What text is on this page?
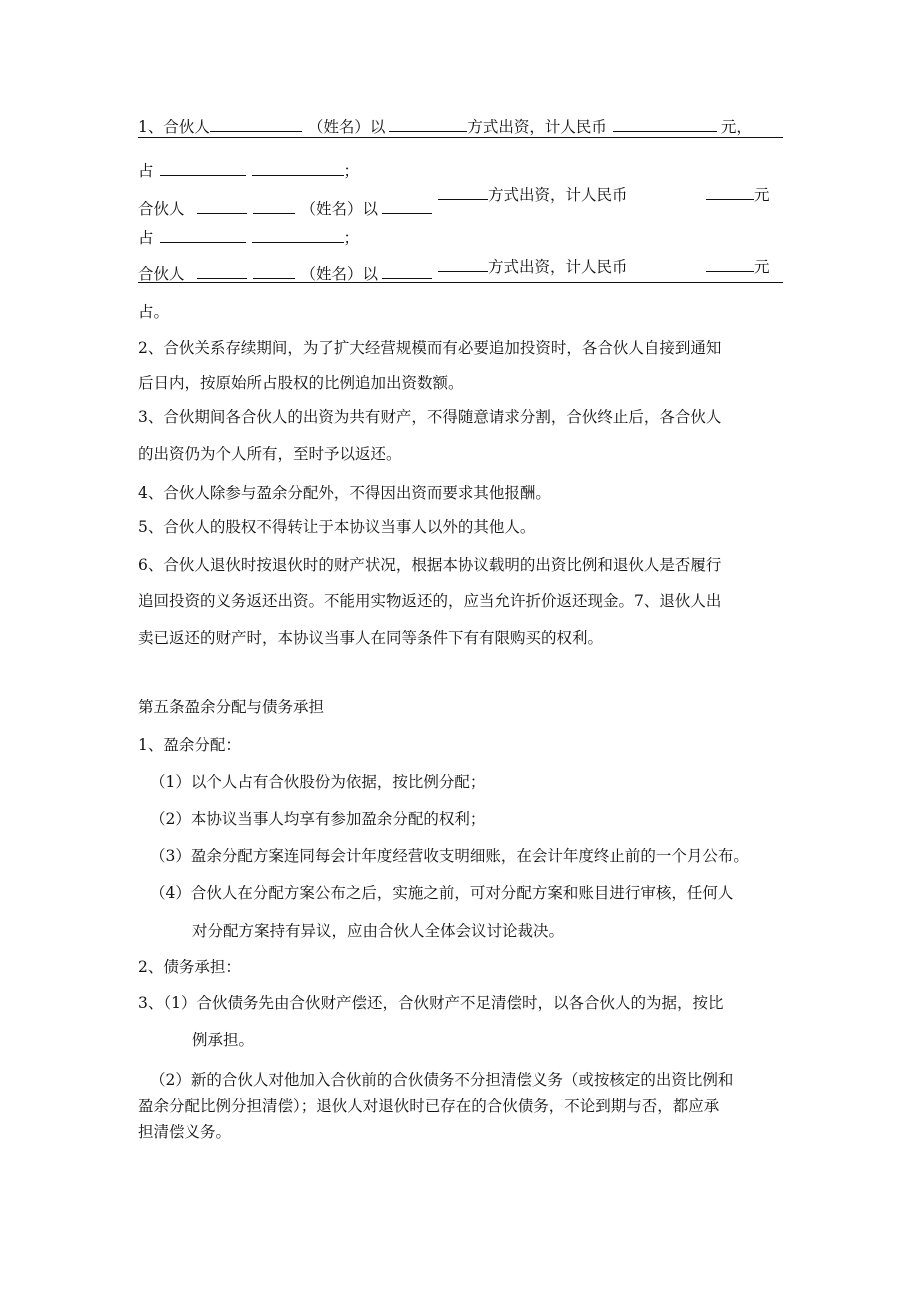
1、合伙人	（姓名）以	方式出资，计人民币	元，
占	；
合伙人	（姓名）以
方式出资，计人民币	元
占	；
合伙人	（姓名）以	方式出资，计人民币	元
占。
2、合伙关系存续期间，为了扩大经营规模而有必要追加投资时，各合伙人自接到通知
后日内，按原始所占股权的比例追加出资数额。
3、合伙期间各合伙人的出资为共有财产，不得随意请求分割，合伙终止后，各合伙人
的出资仍为个人所有，至时予以返还。
4、合伙人除参与盈余分配外，不得因出资而要求其他报酬。
5、合伙人的股权不得转让于本协议当事人以外的其他人。
6、合伙人退伙时按退伙时的财产状况，根据本协议载明的出资比例和退伙人是否履行
追回投资的义务返还出资。不能用实物返还的，应当允许折价返还现金。7、退伙人出
卖已返还的财产时，本协议当事人在同等条件下有有限购买的权利。
第五条盈余分配与债务承担
1、盈余分配：
（1）以个人占有合伙股份为依据，按比例分配；
（2）本协议当事人均享有参加盈余分配的权利；
（3）盈余分配方案连同每会计年度经营收支明细账，在会计年度终止前的一个月公布。
（4）合伙人在分配方案公布之后，实施之前，可对分配方案和账目进行审核，任何人
对分配方案持有异议，应由合伙人全体会议讨论裁决。
2、债务承担：
3、（1）合伙债务先由合伙财产偿还，合伙财产不足清偿时，以各合伙人的为据，按比
例承担。
（2）新的合伙人对他加入合伙前的合伙债务不分担清偿义务（或按核定的出资比例和
盈余分配比例分担清偿）；退伙人对退伙时已存在的合伙债务，不论到期与否，都应承
担清偿义务。
